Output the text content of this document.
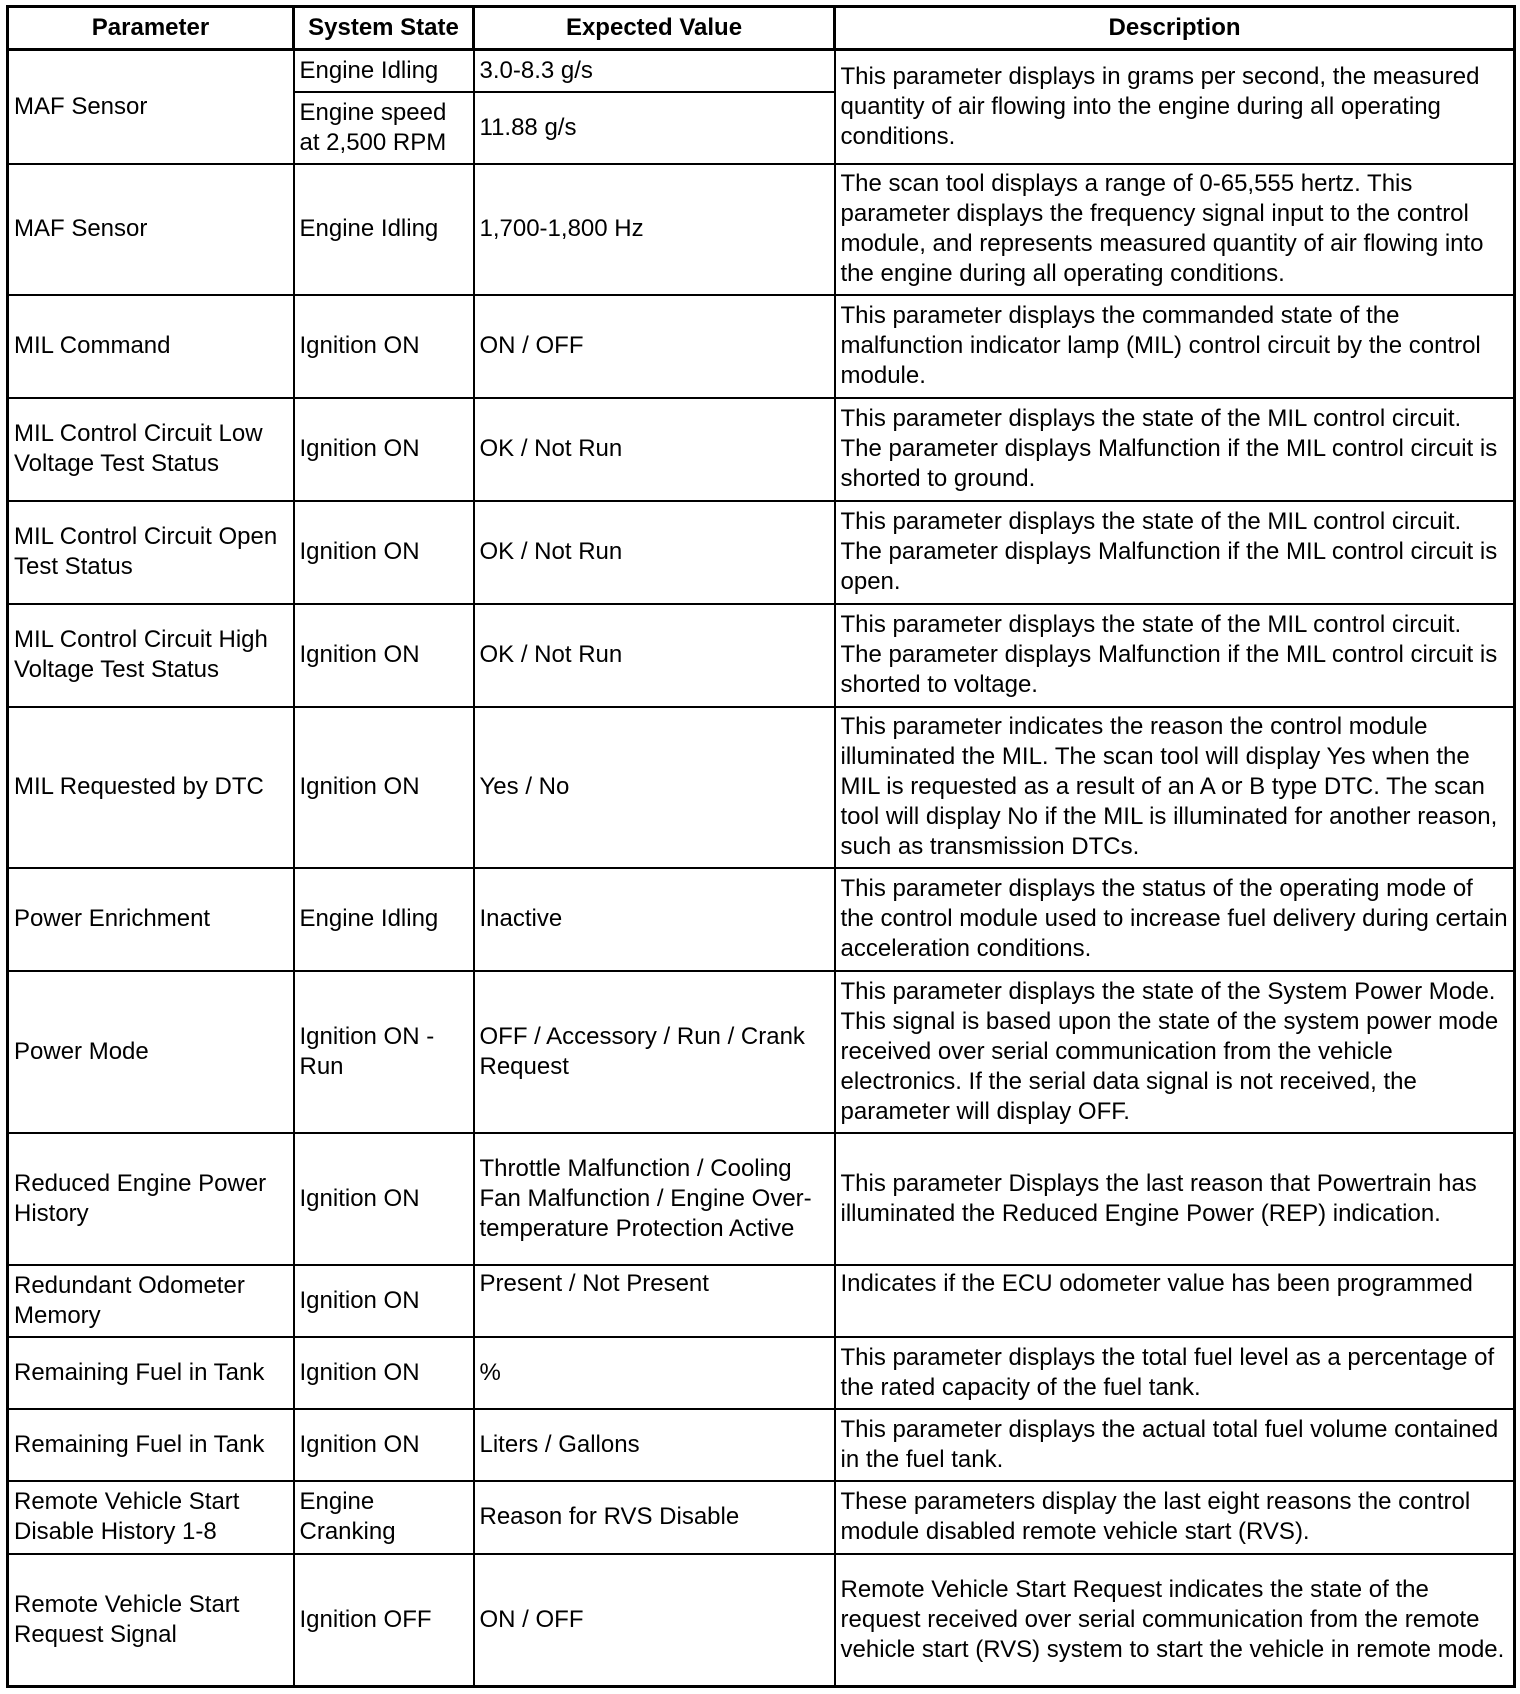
Parameter	System State	Expected Value	Description
MAF Sensor	Engine Idling	3.0-8.3 g/s	This parameter displays in grams per second, the measured quantity of air flowing into the engine during all operating conditions.
	Engine speed at 2,500 RPM	11.88 g/s	
MAF Sensor	Engine Idling	1,700-1,800 Hz	The scan tool displays a range of 0-65,555 hertz. This parameter displays the frequency signal input to the control module, and represents measured quantity of air flowing into the engine during all operating conditions.
MIL Command	Ignition ON	ON / OFF	This parameter displays the commanded state of the malfunction indicator lamp (MIL) control circuit by the control module.
MIL Control Circuit Low Voltage Test Status	Ignition ON	OK / Not Run	This parameter displays the state of the MIL control circuit. The parameter displays Malfunction if the MIL control circuit is shorted to ground.
MIL Control Circuit Open Test Status	Ignition ON	OK / Not Run	This parameter displays the state of the MIL control circuit. The parameter displays Malfunction if the MIL control circuit is open.
MIL Control Circuit High Voltage Test Status	Ignition ON	OK / Not Run	This parameter displays the state of the MIL control circuit. The parameter displays Malfunction if the MIL control circuit is shorted to voltage.
MIL Requested by DTC	Ignition ON	Yes / No	This parameter indicates the reason the control module illuminated the MIL. The scan tool will display Yes when the MIL is requested as a result of an A or B type DTC. The scan tool will display No if the MIL is illuminated for another reason, such as transmission DTCs.
Power Enrichment	Engine Idling	Inactive	This parameter displays the status of the operating mode of the control module used to increase fuel delivery during certain acceleration conditions.
Power Mode	Ignition ON - Run	OFF / Accessory / Run / Crank Request	This parameter displays the state of the System Power Mode. This signal is based upon the state of the system power mode received over serial communication from the vehicle electronics. If the serial data signal is not received, the parameter will display OFF.
Reduced Engine Power History	Ignition ON	Throttle Malfunction / Cooling Fan Malfunction / Engine Over-temperature Protection Active	This parameter Displays the last reason that Powertrain has illuminated the Reduced Engine Power (REP) indication.
Redundant Odometer Memory	Ignition ON	Present / Not Present	Indicates if the ECU odometer value has been programmed
Remaining Fuel in Tank	Ignition ON	%	This parameter displays the total fuel level as a percentage of the rated capacity of the fuel tank.
Remaining Fuel in Tank	Ignition ON	Liters / Gallons	This parameter displays the actual total fuel volume contained in the fuel tank.
Remote Vehicle Start Disable History 1-8	Engine Cranking	Reason for RVS Disable	These parameters display the last eight reasons the control module disabled remote vehicle start (RVS).
Remote Vehicle Start Request Signal	Ignition OFF	ON / OFF	Remote Vehicle Start Request indicates the state of the request received over serial communication from the remote vehicle start (RVS) system to start the vehicle in remote mode.
